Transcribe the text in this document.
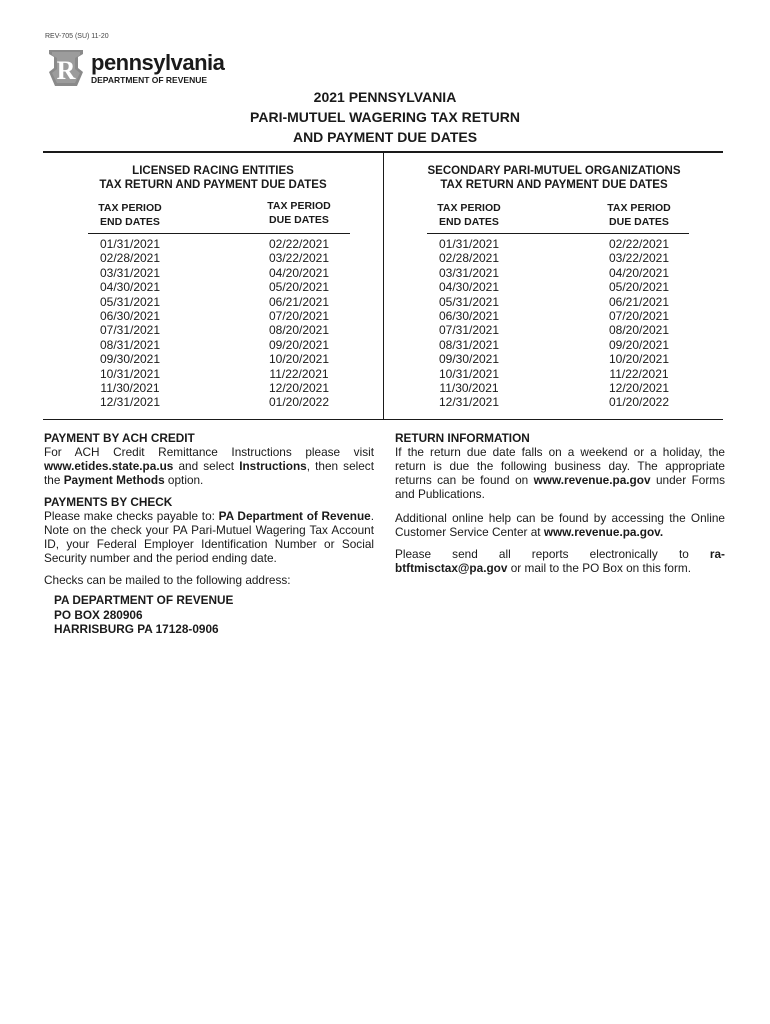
REV-705 (SU) 11-20
R pennsylvania
DEPARTMENT OF REVENUE
2021 PENNSYLVANIA
PARI-MUTUEL WAGERING TAX RETURN
AND PAYMENT DUE DATES
LICENSED RACING ENTITIES
TAX RETURN AND PAYMENT DUE DATES
TAX PERIOD
END DATES
TAX PERIOD
DUE DATES
01/31/2021
02/28/2021
03/31/2021
04/30/2021
05/31/2021
06/30/2021
07/31/2021
08/31/2021
09/30/2021
10/31/2021
11/30/2021
12/31/2021
02/22/2021
03/22/2021
04/20/2021
05/20/2021
06/21/2021
07/20/2021
08/20/2021
09/20/2021
10/20/2021
11/22/2021
12/20/2021
01/20/2022
SECONDARY PARI-MUTUEL ORGANIZATIONS
TAX RETURN AND PAYMENT DUE DATES
TAX PERIOD
END DATES
TAX PERIOD
DUE DATES
01/31/2021
02/28/2021
03/31/2021
04/30/2021
05/31/2021
06/30/2021
07/31/2021
08/31/2021
09/30/2021
10/31/2021
11/30/2021
12/31/2021
02/22/2021
03/22/2021
04/20/2021
05/20/2021
06/21/2021
07/20/2021
08/20/2021
09/20/2021
10/20/2021
11/22/2021
12/20/2021
01/20/2022

PAYMENT BY ACH CREDIT

For ACH Credit Remittance Instructions please visit www.etides.state.pa.us and select Instructions, then select the Payment Methods option.

PAYMENTS BY CHECK

Please make checks payable to: PA Department of Revenue. Note on the check your PA Pari-Mutuel Wagering Tax Account ID, your Federal Employer Identification Number or Social Security number and the period ending date.

Checks can be mailed to the following address:

PA DEPARTMENT OF REVENUE
PO BOX 280906
HARRISBURG PA 17128-0906

RETURN INFORMATION

If the return due date falls on a weekend or a holiday, the return is due the following business day. The appropriate returns can be found on www.revenue.pa.gov under Forms and Publications.

Additional online help can be found by accessing the Online Customer Service Center at www.revenue.pa.gov.

Please send all reports electronically to ra-btftmisctax@pa.gov or mail to the PO Box on this form.
